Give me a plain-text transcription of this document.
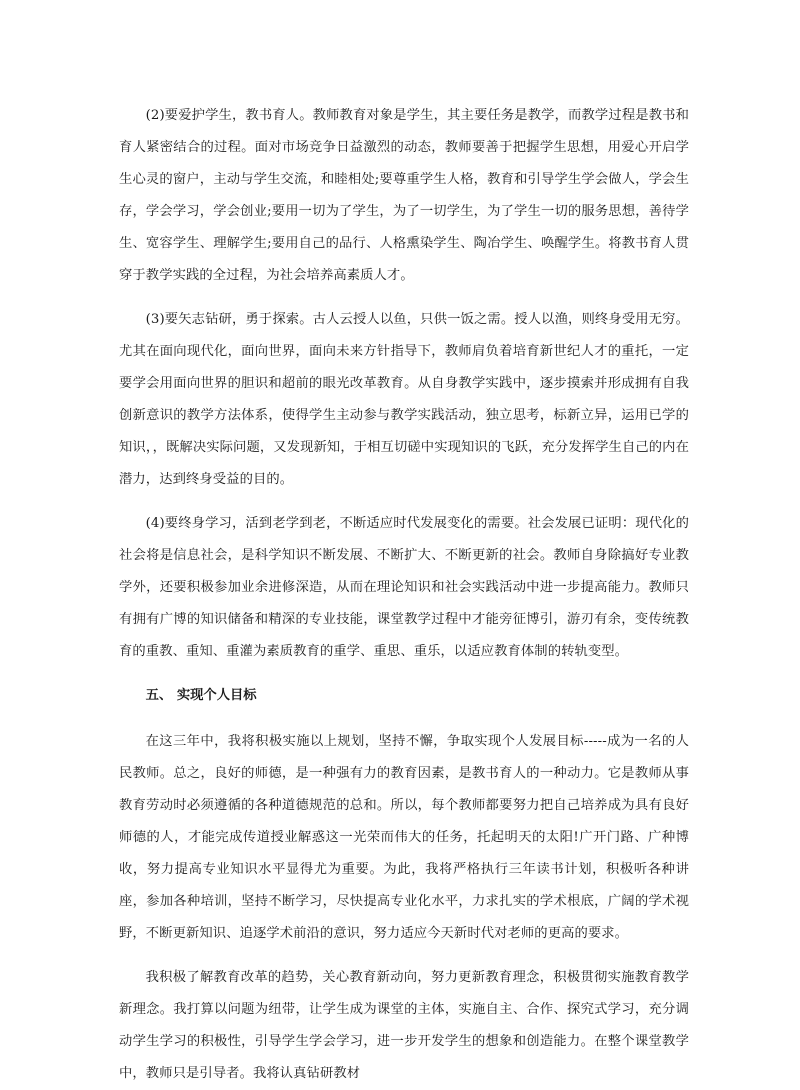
(2)要爱护学生，教书育人。教师教育对象是学生，其主要任务是教学，而教学过程是教书和育人紧密结合的过程。面对市场竞争日益激烈的动态，教师要善于把握学生思想，用爱心开启学生心灵的窗户，主动与学生交流，和睦相处;要尊重学生人格，教育和引导学生学会做人，学会生存，学会学习，学会创业;要用一切为了学生，为了一切学生，为了学生一切的服务思想，善待学生、宽容学生、理解学生;要用自己的品行、人格熏染学生、陶冶学生、唤醒学生。将教书育人贯穿于教学实践的全过程，为社会培养高素质人才。

(3)要矢志钻研，勇于探索。古人云授人以鱼，只供一饭之需。授人以渔，则终身受用无穷。尤其在面向现代化，面向世界，面向未来方针指导下，教师肩负着培育新世纪人才的重托，一定要学会用面向世界的胆识和超前的眼光改革教育。从自身教学实践中，逐步摸索并形成拥有自我创新意识的教学方法体系，使得学生主动参与教学实践活动，独立思考，标新立异，运用已学的知识，，既解决实际问题，又发现新知，于相互切磋中实现知识的飞跃，充分发挥学生自己的内在潜力，达到终身受益的目的。

(4)要终身学习，活到老学到老，不断适应时代发展变化的需要。社会发展已证明：现代化的社会将是信息社会，是科学知识不断发展、不断扩大、不断更新的社会。教师自身除搞好专业教学外，还要积极参加业余进修深造，从而在理论知识和社会实践活动中进一步提高能力。教师只有拥有广博的知识储备和精深的专业技能，课堂教学过程中才能旁征博引，游刃有余，变传统教育的重教、重知、重灌为素质教育的重学、重思、重乐，以适应教育体制的转轨变型。

五、 实现个人目标

在这三年中，我将积极实施以上规划，坚持不懈，争取实现个人发展目标-----成为一名的人民教师。总之，良好的师德，是一种强有力的教育因素，是教书育人的一种动力。它是教师从事教育劳动时必须遵循的各种道德规范的总和。所以，每个教师都要努力把自己培养成为具有良好师德的人，才能完成传道授业解惑这一光荣而伟大的任务，托起明天的太阳!广开门路、广种博收，努力提高专业知识水平显得尤为重要。为此，我将严格执行三年读书计划，积极听各种讲座，参加各种培训，坚持不断学习，尽快提高专业化水平，力求扎实的学术根底，广阔的学术视野，不断更新知识、追逐学术前沿的意识，努力适应今天新时代对老师的更高的要求。

我积极了解教育改革的趋势，关心教育新动向，努力更新教育理念，积极贯彻实施教育教学新理念。我打算以问题为纽带，让学生成为课堂的主体，实施自主、合作、探究式学习，充分调动学生学习的积极性，引导学生学会学习，进一步开发学生的想象和创造能力。在整个课堂教学中，教师只是引导者。我将认真钻研教材
